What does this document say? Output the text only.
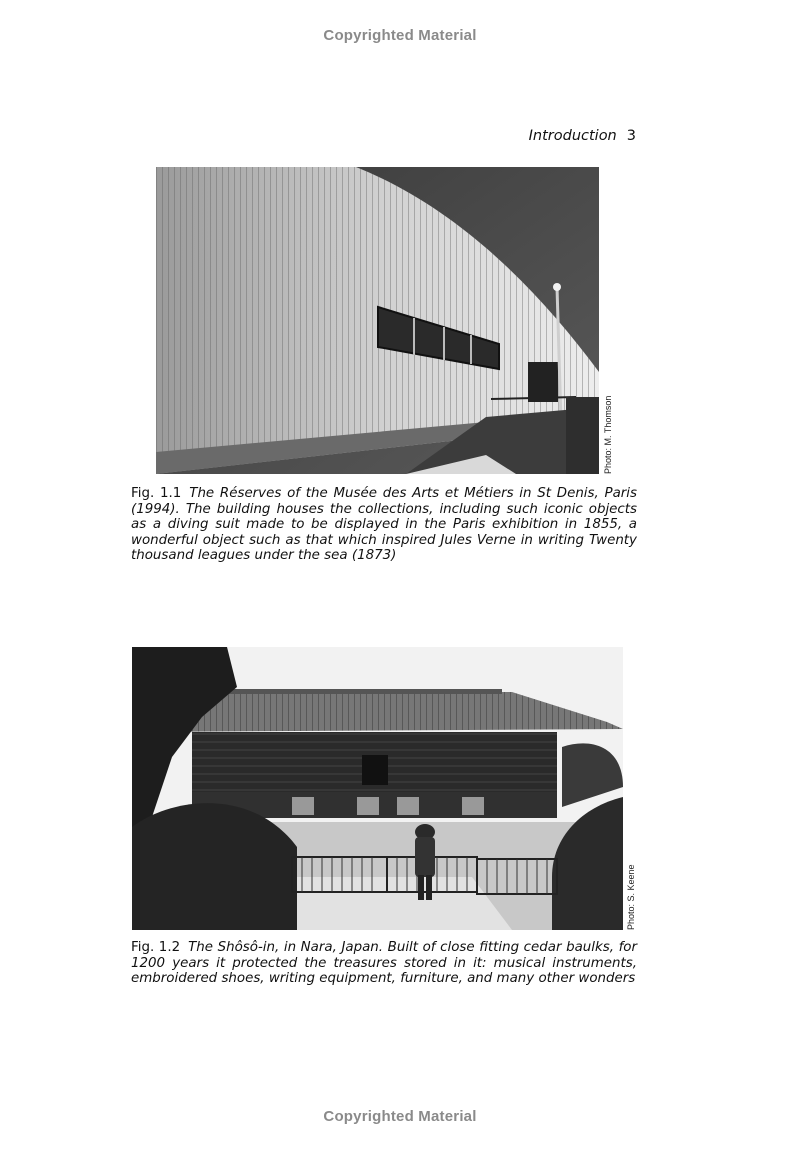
Copyrighted Material
Introduction 3
Photo: M. Thomson
Fig. 1.1 The Réserves of the Musée des Arts et Métiers in St Denis, Paris (1994). The building houses the collections, including such iconic objects as a diving suit made to be displayed in the Paris exhibition in 1855, a wonderful object such as that which inspired Jules Verne in writing Twenty thousand leagues under the sea (1873)
Photo: S. Keene
Fig. 1.2 The Shôsô-in, in Nara, Japan. Built of close fitting cedar baulks, for 1200 years it protected the treasures stored in it: musical instruments, embroidered shoes, writing equipment, furniture, and many other wonders
Copyrighted Material
